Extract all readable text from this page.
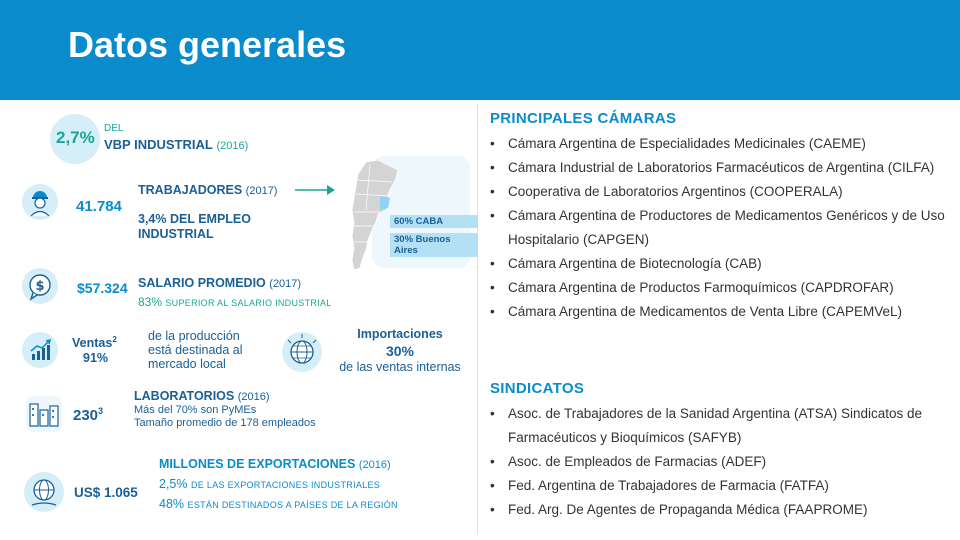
Datos generales
2,7% DEL
VBP INDUSTRIAL (2016)
41.784
TRABAJADORES (2017)
3,4% DEL EMPLEO
INDUSTRIAL
60% CABA
30% Buenos Aires
$ $57.324 SALARIO PROMEDIO (2017)
83% SUPERIOR AL SALARIO INDUSTRIAL
Ventas$^2$
91%
de la producción
está destinada al
mercado local
Importaciones
30%
de las ventas internas
$230^3$
LABORATORIOS (2016)
Más del 70% son PyMEs
Tamaño promedio de 178 empleados
US$ 1.065
MILLONES DE EXPORTACIONES (2016)
2,5% DE LAS EXPORTACIONES INDUSTRIALES
48% ESTÁN DESTINADOS A PAÍSES DE LA REGIÓN
PRINCIPALES CÁMARAS
• Cámara Argentina de Especialidades Medicinales (CAEME)
• Cámara Industrial de Laboratorios Farmacéuticos de Argentina (CILFA)
• Cooperativa de Laboratorios Argentinos (COOPERALA)
• Cámara Argentina de Productores de Medicamentos Genéricos y de Uso Hospitalario (CAPGEN)
• Cámara Argentina de Biotecnología (CAB)
• Cámara Argentina de Productos Farmoquímicos (CAPDROFAR)
• Cámara Argentina de Medicamentos de Venta Libre (CAPEMVeL)
SINDICATOS
• Asoc. de Trabajadores de la Sanidad Argentina (ATSA) Sindicatos de Farmacéuticos y Bioquímicos (SAFYB)
• Asoc. de Empleados de Farmacias (ADEF)
• Fed. Argentina de Trabajadores de Farmacia (FATFA)
• Fed. Arg. De Agentes de Propaganda Médica (FAAPROME)
